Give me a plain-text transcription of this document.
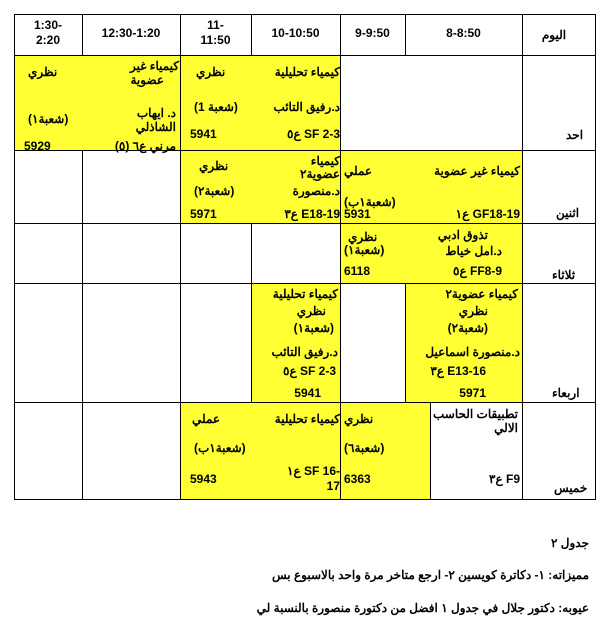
اليوم
8-8:50
9-9:50
10-10:50
11-
11:50
12:30-1:20
1:30-
2:20
احد
اثنين
ثلاثاء
اربعاء
خميس
كيمياء تحليلية
نظري
د.رفيق التائب
(1 شعبة)
ع٥ SF 2-3
5941
كيمياء غير
عضوية
نظري
د. ايهاب
الشاذلي
(شعبة١)
مرني ع٦ (٥)
5929
كيمياء غير عضوية
عملي
(شعبة١ب)
ع١ GF18-19
5931
كيمياء
عضوية٢
نظري
د.منصورة
(شعبة٢)
ع٣ E18-19
5971
تذوق ادبي
نظري
(شعبة١)	د.امل خياط
ع٥ FF8-9
6118
كيمياء عضوية٢
نظري
(شعبة٢)
د.منصورة اسماعيل
ع٣ E13-16
5971
كيمياء تحليلية
نظري
(شعبة١)
د.رفيق التائب
ع٥ SF 2-3
5941
تطبيقات الحاسب
الالي
نظري
(شعبة٦)
ع٣ F9
6363
كيمياء تحليلية
عملي
(شعبة١ب)
ع١ SF 16-
17
5943
جدول ٢
مميزاته: ١- دكاترة كويسين ٢- ارجع متاخر مرة واحد بالاسبوع بس
عيوبه: دكتور جلال في جدول ١ افضل من دكتورة منصورة بالنسبة لي
